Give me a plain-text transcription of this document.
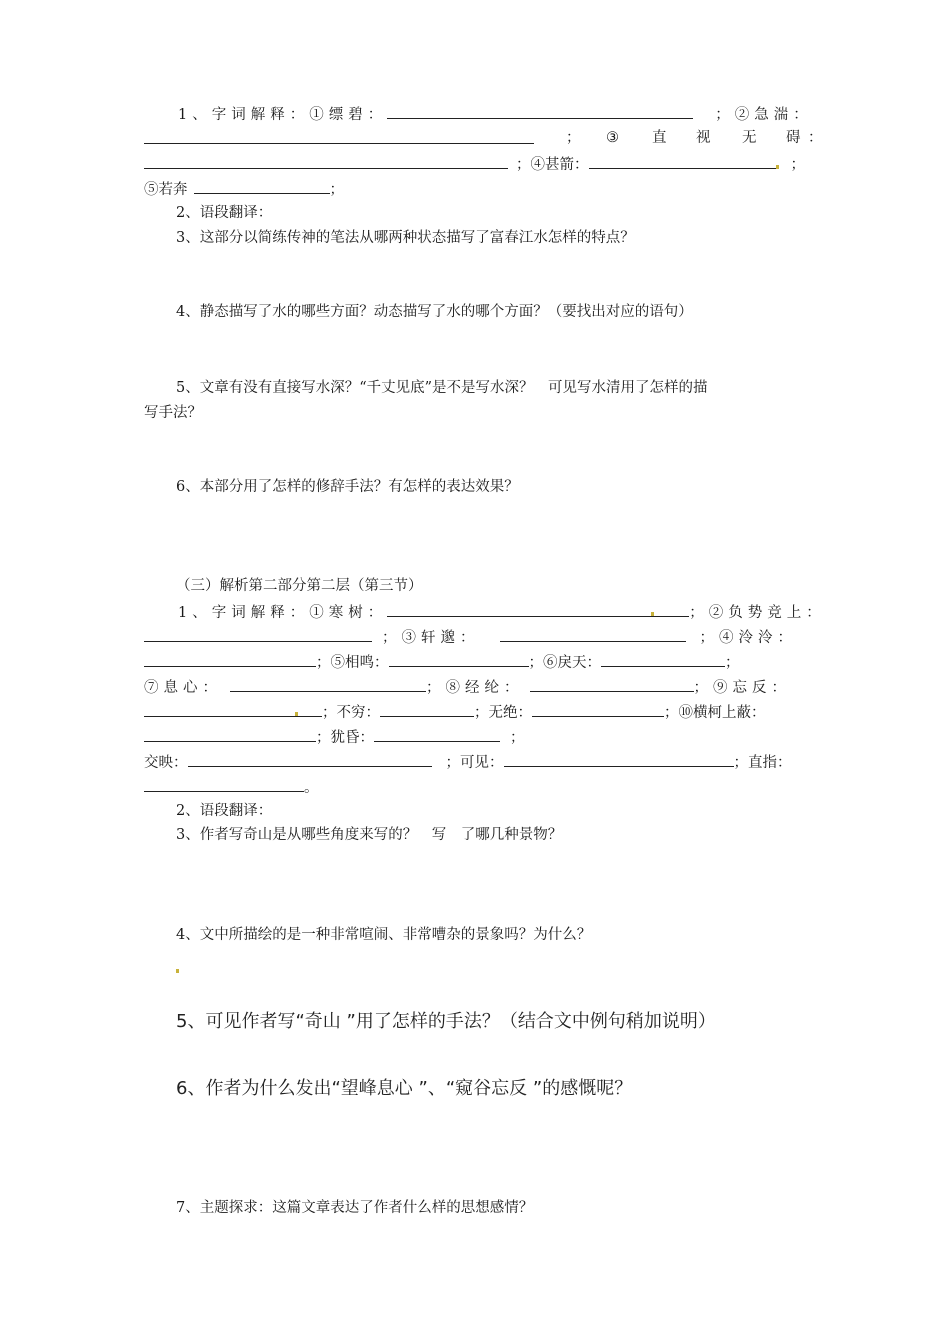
1、字词解释：①缥碧：	；②急湍：
； ③ 直 视 无 碍 ：
；④甚箭：	；
⑤若奔	；
2、语段翻译：
3、这部分以简练传神的笔法从哪两种状态描写了富春江水怎样的特点？
4、静态描写了水的哪些方面？动态描写了水的哪个方面？（要找出对应的语句）
5、文章有没有直接写水深？“千丈见底”是不是写水深？　可见写水清用了怎样的描
写手法？
6、本部分用了怎样的修辞手法？有怎样的表达效果？
（三）解析第二部分第二层（第三节）
1、字词解释：①寒树：	；②负势竞上：
；③轩邈：	；④泠泠：
；⑤相鸣：	；⑥戾天：	；
⑦息心：	；⑧经纶：	；⑨忘反：
；不穷：	；无绝：	；⑩横柯上蔽：
；犹昏：	；
交映：	；可见：	；直指：
。
2、语段翻译：
3、作者写奇山是从哪些角度来写的？　写　了哪几种景物？
4、文中所描绘的是一种非常喧闹、非常嘈杂的景象吗？为什么？
5、可见作者写“奇山 ”用了怎样的手法？（结合文中例句稍加说明）
6、作者为什么发出“望峰息心 ”、“窥谷忘反 ”的感慨呢？
7、主题探求：这篇文章表达了作者什么样的思想感情？
